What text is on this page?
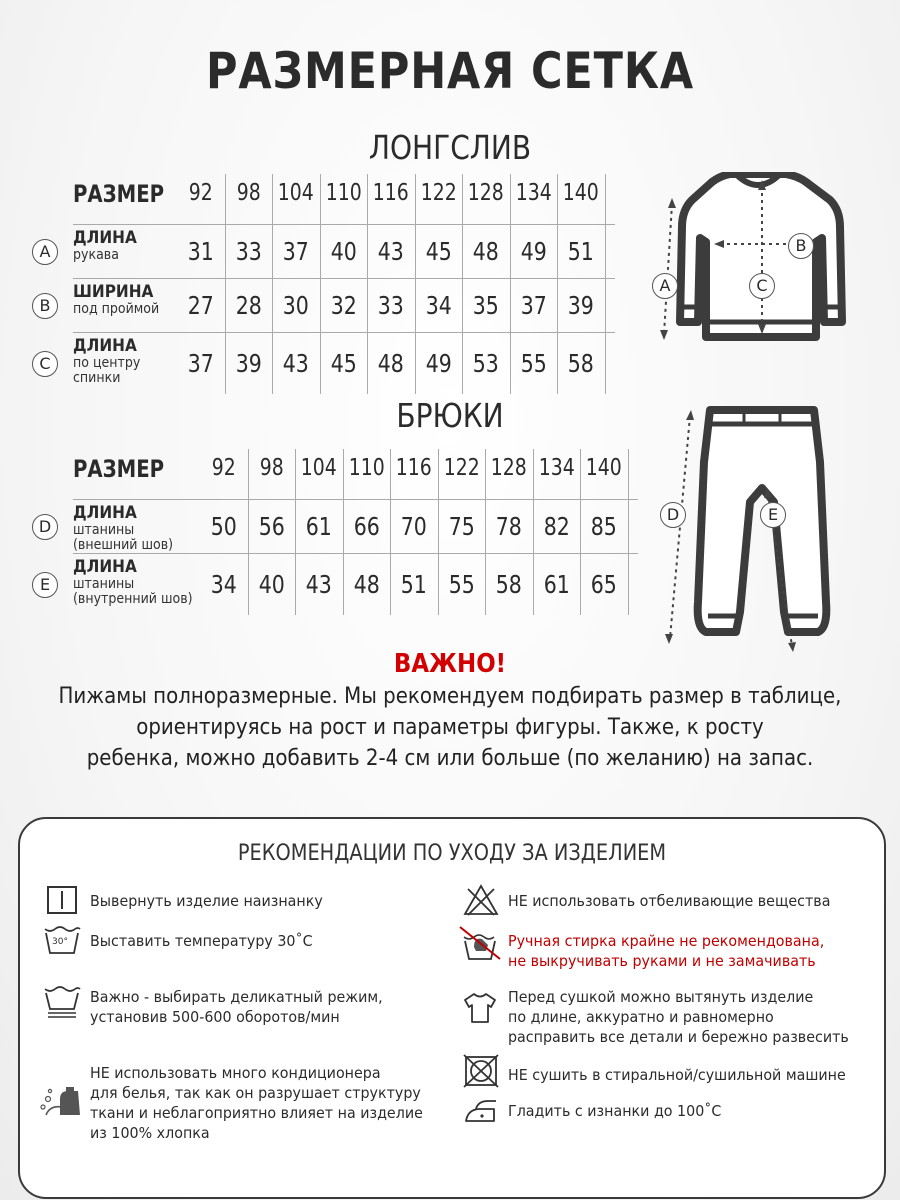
РАЗМЕРНАЯ СЕТКА
ЛОНГСЛИВ
РАЗМЕР	92	98 104 110 116 122 128 134 140
A
ДЛИНА
рукава	31 33 37 40 43 45 48 49 51
B
ШИРИНА
под проймой 27 28 30 32 33 34 35 37 39
C
ДЛИНА
по центру
спинки	37 39 43 45 48 49 53 55 58
БРЮКИ
РАЗМЕР	92	98 104 110 116 122 128 134 140
D
ДЛИНА
штанины
(внешний шов)
50 56 61 66 70 75 78 82 85
E
ДЛИНА
штанины
(внутренний шов) 34 40 43 48 51 55 58 61 65
A
B
C
D	E
ВАЖНО!
Пижамы полноразмерные. Мы рекомендуем подбирать размер в таблице,
ориентируясь на рост и параметры фигуры. Также, к росту
ребенка, можно добавить 2-4 см или больше (по желанию) на запас.
РЕКОМЕНДАЦИИ ПО УХОДУ ЗА ИЗДЕЛИЕМ
30°
Вывернуть изделие наизнанку
Выставить температуру 30˚С
Важно - выбирать деликатный режим,
установив 500-600 оборотов/мин
НЕ использовать много кондиционера
для белья, так как он разрушает структуру
ткани и неблагоприятно влияет на изделие
из 100% хлопка
НЕ использовать отбеливающие вещества
Ручная стирка крайне не рекомендована,
не выкручивать руками и не замачивать
Перед сушкой можно вытянуть изделие
по длине, аккуратно и равномерно
расправить все детали и бережно развесить
НЕ сушить в стиральной/сушильной машине
Гладить с изнанки до 100˚С
